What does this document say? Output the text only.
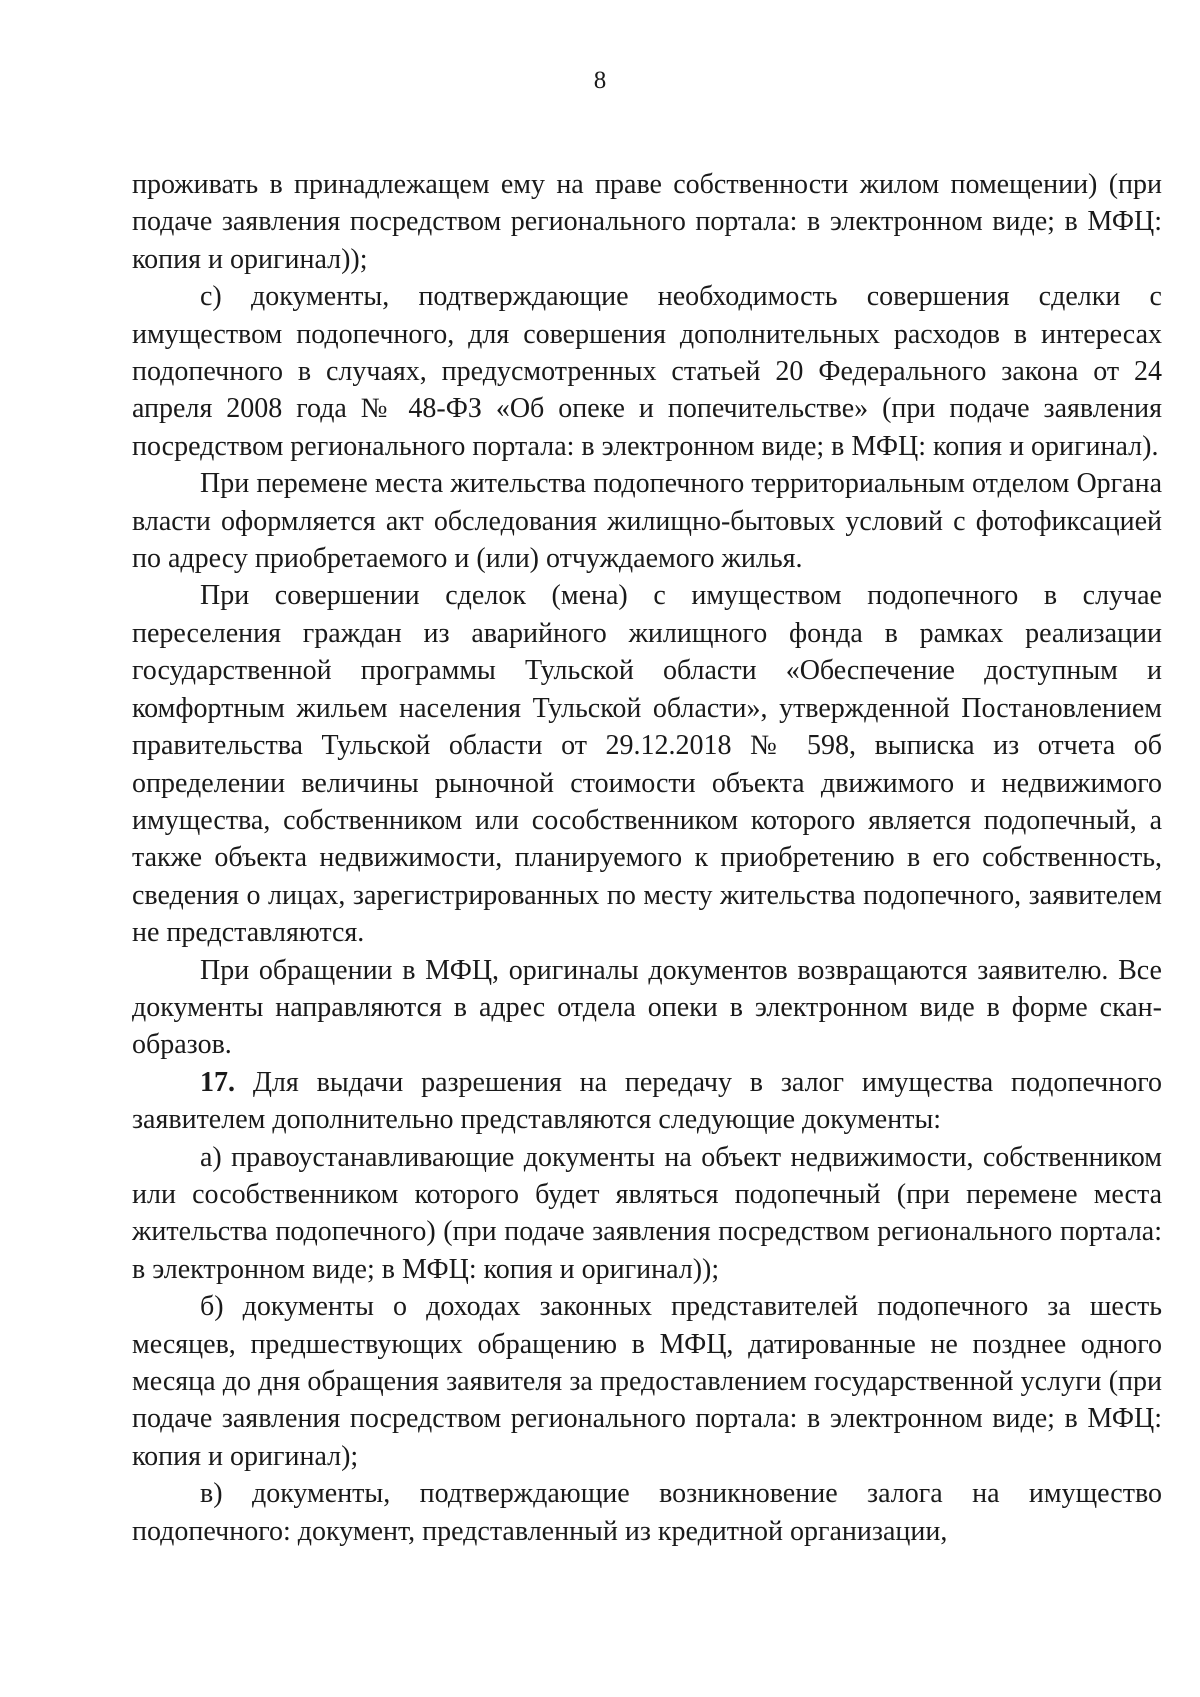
8

проживать в принадлежащем ему на праве собственности жилом помещении) (при подаче заявления посредством регионального портала: в электронном виде; в МФЦ: копия и оригинал));

с) документы, подтверждающие необходимость совершения сделки с имуществом подопечного, для совершения дополнительных расходов в интересах подопечного в случаях, предусмотренных статьей 20 Федерального закона от 24 апреля 2008 года № 48-ФЗ «Об опеке и попечительстве» (при подаче заявления посредством регионального портала: в электронном виде; в МФЦ: копия и оригинал).

При перемене места жительства подопечного территориальным отделом Органа власти оформляется акт обследования жилищно-бытовых условий с фотофиксацией по адресу приобретаемого и (или) отчуждаемого жилья.

При совершении сделок (мена) с имуществом подопечного в случае переселения граждан из аварийного жилищного фонда в рамках реализации государственной программы Тульской области «Обеспечение доступным и комфортным жильем населения Тульской области», утвержденной Постановлением правительства Тульской области от 29.12.2018 № 598, выписка из отчета об определении величины рыночной стоимости объекта движимого и недвижимого имущества, собственником или сособственником которого является подопечный, а также объекта недвижимости, планируемого к приобретению в его собственность, сведения о лицах, зарегистрированных по месту жительства подопечного, заявителем не представляются.

При обращении в МФЦ, оригиналы документов возвращаются заявителю. Все документы направляются в адрес отдела опеки в электронном виде в форме скан-образов.

17. Для выдачи разрешения на передачу в залог имущества подопечного заявителем дополнительно представляются следующие документы:

а) правоустанавливающие документы на объект недвижимости, собственником или сособственником которого будет являться подопечный (при перемене места жительства подопечного) (при подаче заявления посредством регионального портала: в электронном виде; в МФЦ: копия и оригинал));

б) документы о доходах законных представителей подопечного за шесть месяцев, предшествующих обращению в МФЦ, датированные не позднее одного месяца до дня обращения заявителя за предоставлением государственной услуги (при подаче заявления посредством регионального портала: в электронном виде; в МФЦ: копия и оригинал);

в) документы, подтверждающие возникновение залога на имущество подопечного: документ, представленный из кредитной организации,
